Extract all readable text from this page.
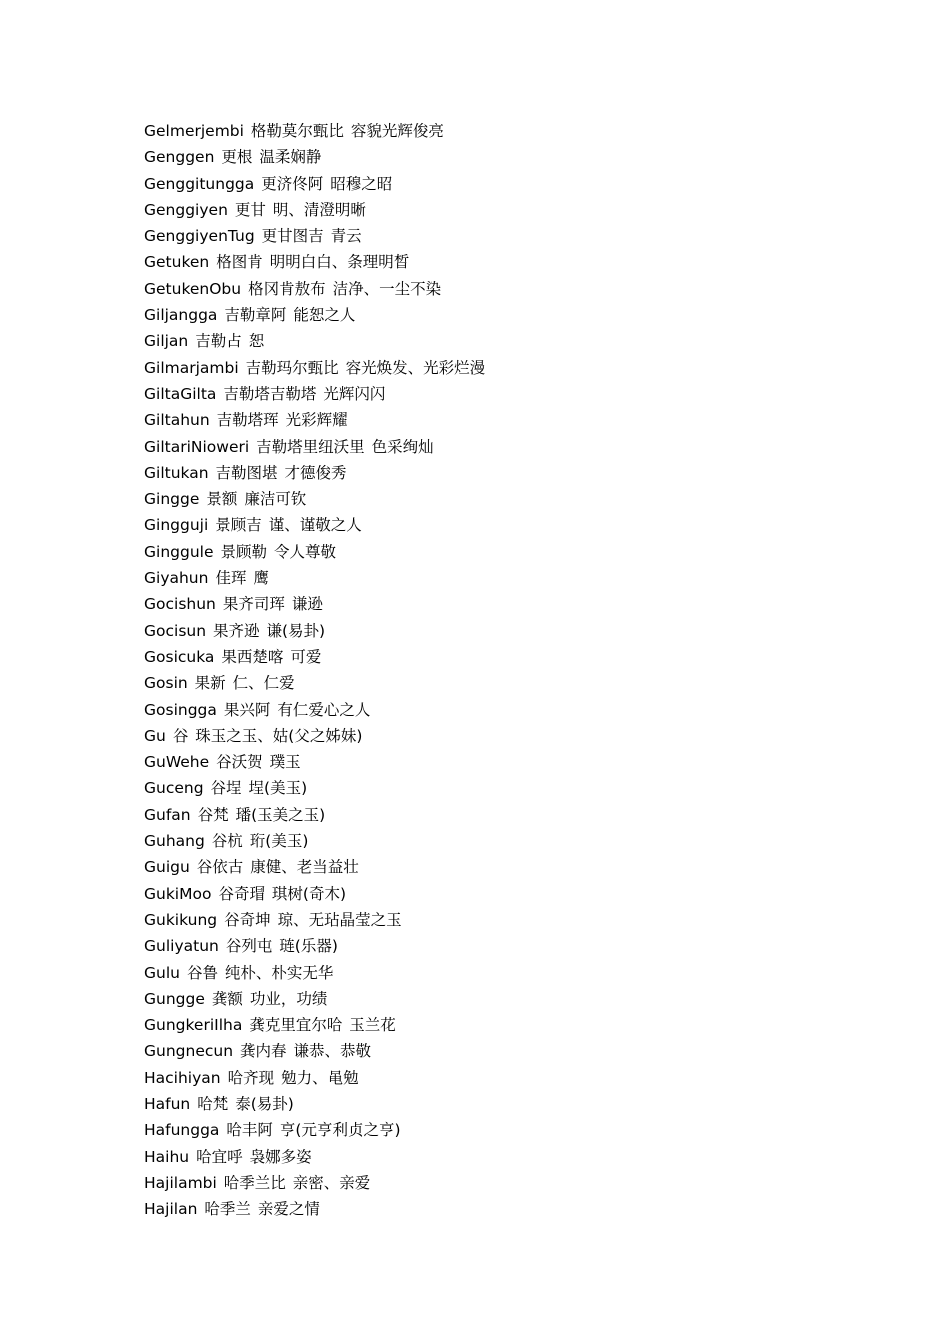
Gelmerjembi 格勒莫尔甄比 容貌光辉俊亮
Genggen 更根 温柔娴静
Genggitungga 更济佟阿 昭穆之昭
Genggiyen 更甘 明、清澄明晰
GenggiyenTug 更甘图吉 青云
Getuken 格图肯 明明白白、条理明晳
GetukenObu 格冈肯敖布 洁净、一尘不染
Giljangga 吉勒章阿 能恕之人
Giljan 吉勒占 恕
Gilmarjambi 吉勒玛尔甄比 容光焕发、光彩烂漫
GiltaGilta 吉勒塔吉勒塔 光辉闪闪
Giltahun 吉勒塔珲 光彩辉耀
GiltariNioweri 吉勒塔里纽沃里 色采绚灿
Giltukan 吉勒图堪 才德俊秀
Gingge 景额 廉洁可钦
Gingguji 景顾吉 谨、谨敬之人
Ginggule 景顾勒 令人尊敬
Giyahun 佳珲 鹰
Gocishun 果齐司珲 谦逊
Gocisun 果齐逊 谦(易卦)
Gosicuka 果西楚喀 可爱
Gosin 果新 仁、仁爱
Gosingga 果兴阿 有仁爱心之人
Gu 谷 珠玉之玉、姑(父之姊妹)
GuWehe 谷沃贺 璞玉
Guceng 谷埕 埕(美玉)
Gufan 谷梵 璠(玉美之玉)
Guhang 谷杭 珩(美玉)
Guigu 谷依古 康健、老当益壮
GukiMoo 谷奇瑁 琪树(奇木)
Gukikung 谷奇坤 琼、无玷晶莹之玉
Guliyatun 谷列屯 琏(乐器)
Gulu 谷鲁 纯朴、朴实无华
Gungge 龚额 功业，功绩
GungkeriIlha 龚克里宜尔哈 玉兰花
Gungnecun 龚内春 谦恭、恭敬
Hacihiyan 哈齐现 勉力、黾勉
Hafun 哈梵 泰(易卦)
Hafungga 哈丰阿 亨(元亨利贞之亨)
Haihu 哈宜呼 袅娜多姿
Hajilambi 哈季兰比 亲密、亲爱
Hajilan 哈季兰 亲爱之情
